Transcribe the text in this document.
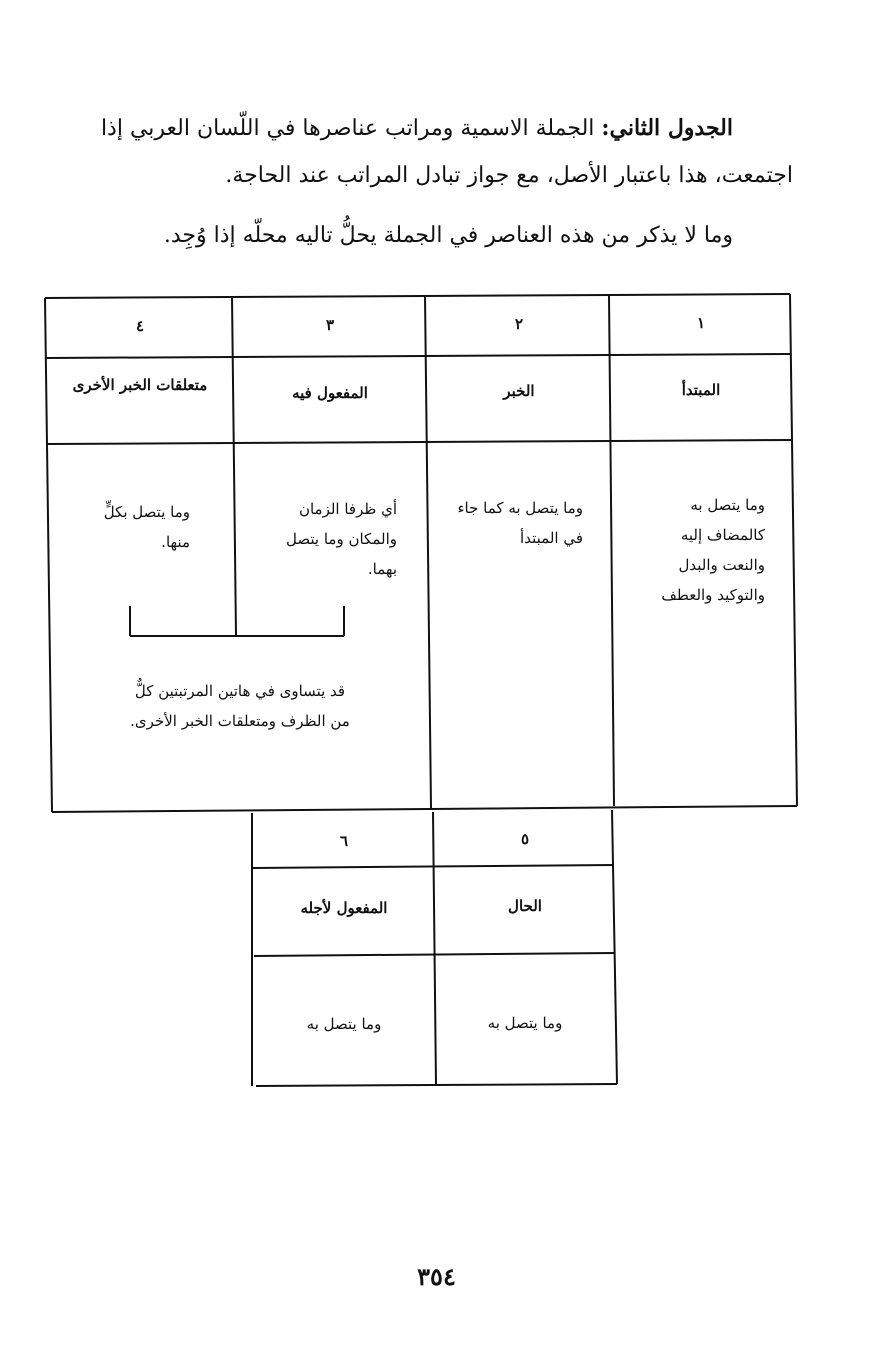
الجدول الثاني: الجملة الاسمية ومراتب عناصرها في اللّسان العربي إذا

اجتمعت، هذا باعتبار الأصل، مع جواز تبادل المراتب عند الحاجة.

وما لا يذكر من هذه العناصر في الجملة يحلُّ تاليه محلّه إذا وُجِد.

١
٢
٣
٤
المبتدأ
الخبر
المفعول فيه
متعلقات الخبر الأخرى
وما يتصل به كالمضاف إليه والنعت والبدل والتوكيد والعطف
وما يتصل به كما جاء في المبتدأ
أي ظرفا الزمان والمكان وما يتصل بهما.
وما يتصل بكلٍّ منها.
قد يتساوى في هاتين المرتبتين كلٌّ من الظرف ومتعلقات الخبر الأخرى.
٥
٦
الحال
المفعول لأجله
وما يتصل به
وما يتصل به
٣٥٤
